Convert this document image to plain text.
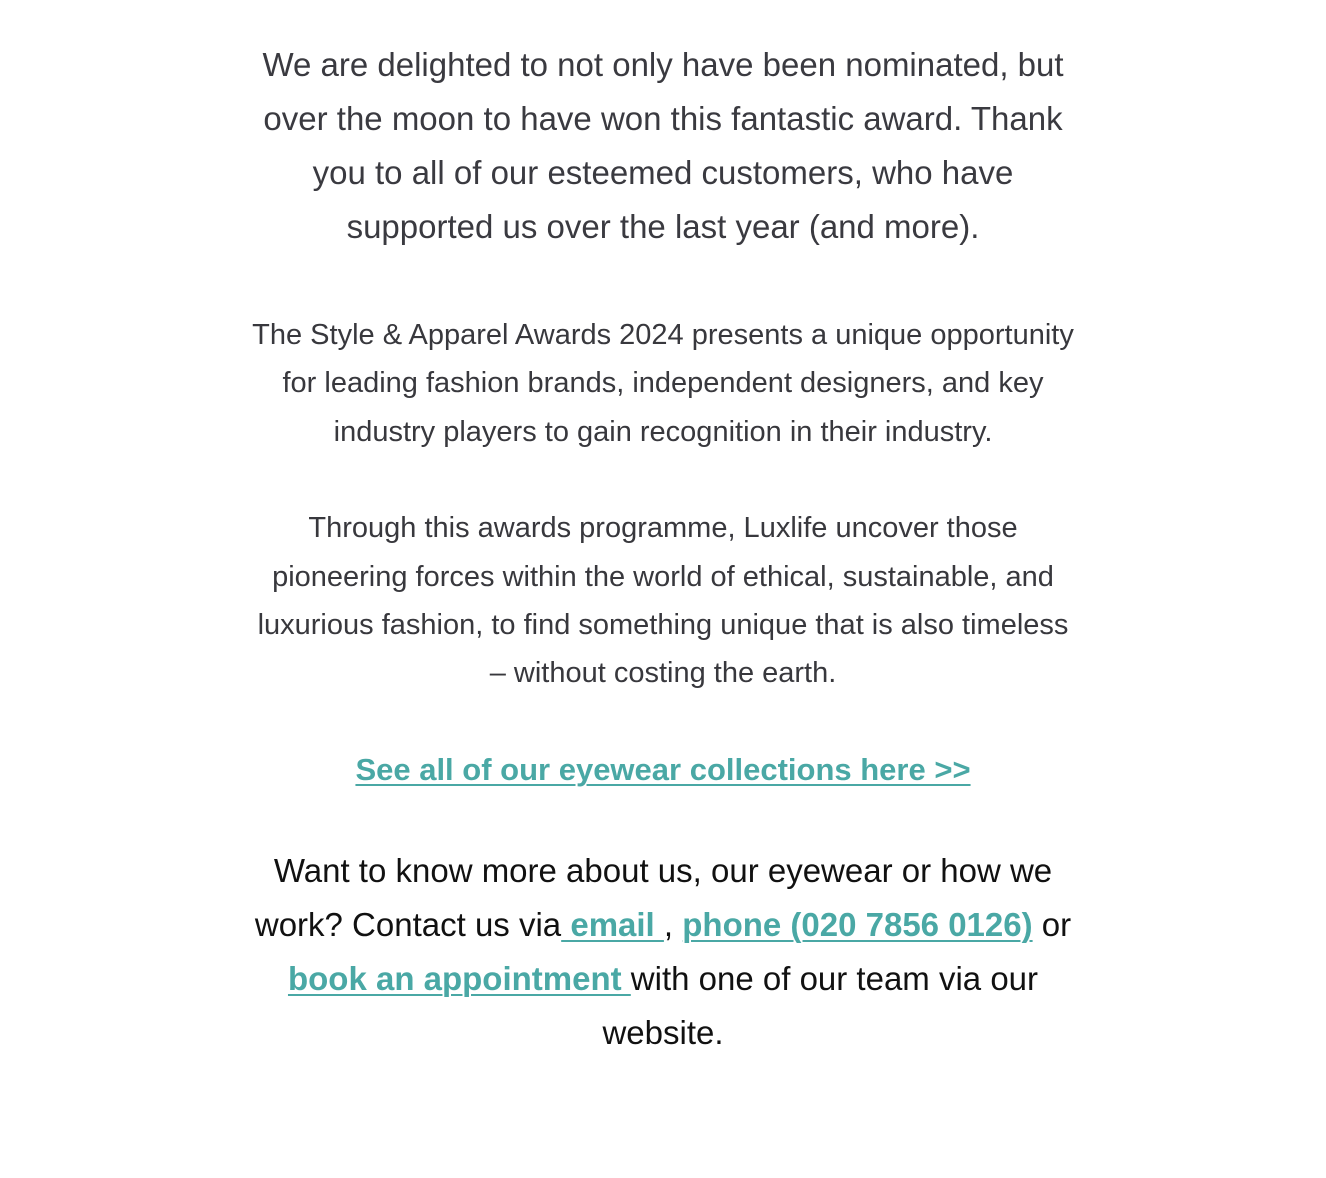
We are delighted to not only have been nominated, but over the moon to have won this fantastic award. Thank you to all of our esteemed customers, who have supported us over the last year (and more).

The Style & Apparel Awards 2024 presents a unique opportunity for leading fashion brands, independent designers, and key industry players to gain recognition in their industry.

Through this awards programme, Luxlife uncover those pioneering forces within the world of ethical, sustainable, and luxurious fashion, to find something unique that is also timeless – without costing the earth.

See all of our eyewear collections here >>

Want to know more about us, our eyewear or how we work? Contact us via email , phone (020 7856 0126) or book an appointment with one of our team via our website.
